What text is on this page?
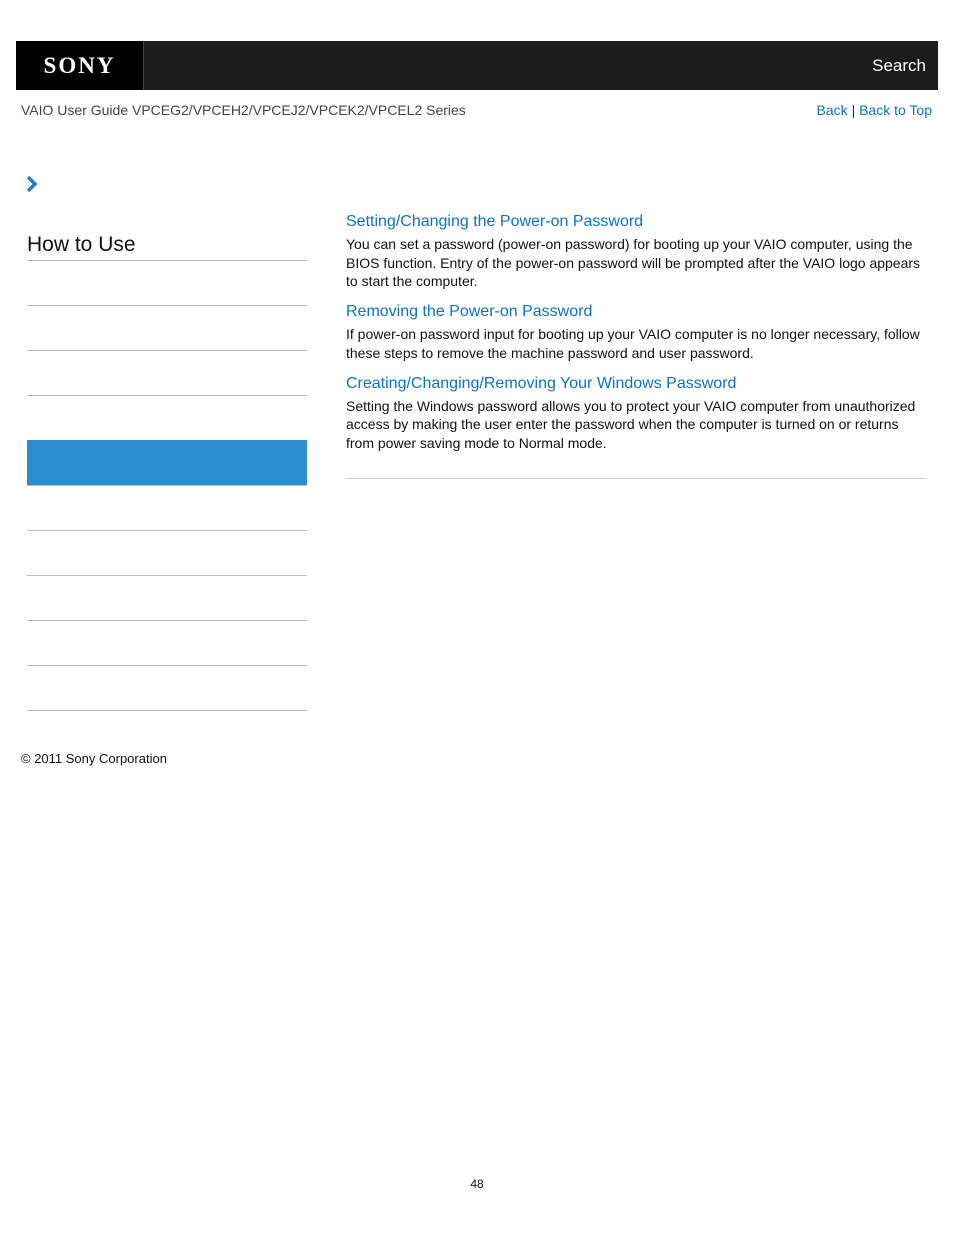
SONY	Search
VAIO User Guide VPCEG2/VPCEH2/VPCEJ2/VPCEK2/VPCEL2 Series	Back | Back to Top
How to Use
Setting/Changing the Power-on Password

You can set a password (power-on password) for booting up your VAIO computer, using the BIOS function. Entry of the power-on password will be prompted after the VAIO logo appears to start the computer.

Removing the Power-on Password

If power-on password input for booting up your VAIO computer is no longer necessary, follow these steps to remove the machine password and user password.

Creating/Changing/Removing Your Windows Password

Setting the Windows password allows you to protect your VAIO computer from unauthorized access by making the user enter the password when the computer is turned on or returns from power saving mode to Normal mode.

© 2011 Sony Corporation
48
